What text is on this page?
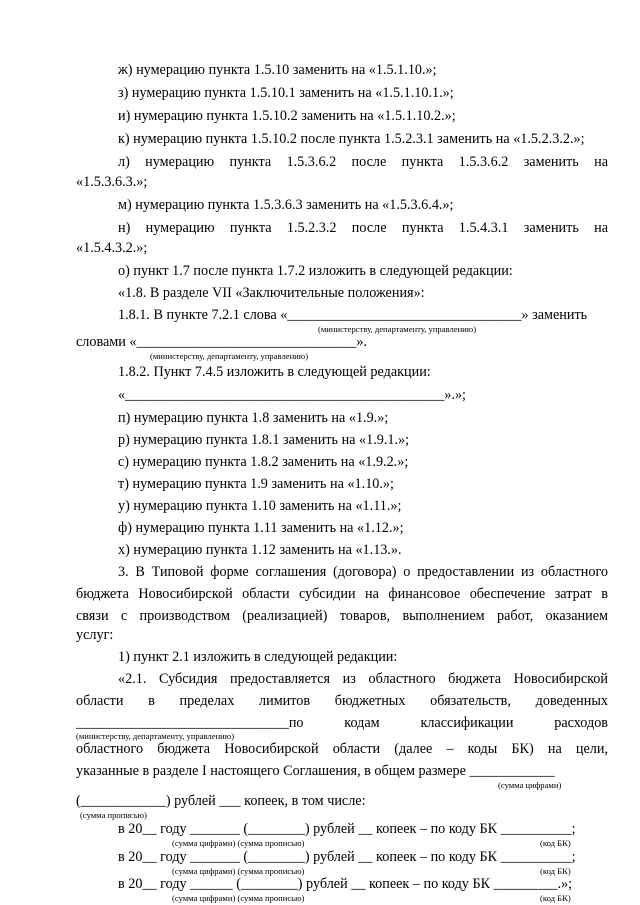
ж) нумерацию пункта 1.5.10 заменить на «1.5.1.10.»;
з) нумерацию пункта 1.5.10.1 заменить на «1.5.1.10.1.»;
и) нумерацию пункта 1.5.10.2 заменить на «1.5.1.10.2.»;
к) нумерацию пункта 1.5.10.2 после пункта 1.5.2.3.1 заменить на «1.5.2.3.2.»;
л) нумерацию пункта 1.5.3.6.2 после пункта 1.5.3.6.2 заменить на
«1.5.3.6.3.»;
м) нумерацию пункта 1.5.3.6.3 заменить на «1.5.3.6.4.»;
н) нумерацию пункта 1.5.2.3.2 после пункта 1.5.4.3.1 заменить на
«1.5.4.3.2.»;
о) пункт 1.7 после пункта 1.7.2 изложить в следующей редакции:
«1.8. В разделе VII «Заключительные положения»:
1.8.1. В пункте 7.2.1 слова «_________________________________» заменить
(министерству, департаменту, управлению)
словами «_______________________________».
(министерству, департаменту, управлению)
1.8.2. Пункт 7.4.5 изложить в следующей редакции:
«_____________________________________________».»;
п) нумерацию пункта 1.8 заменить на «1.9.»;
р) нумерацию пункта 1.8.1 заменить на «1.9.1.»;
с) нумерацию пункта 1.8.2 заменить на «1.9.2.»;
т) нумерацию пункта 1.9 заменить на «1.10.»;
у) нумерацию пункта 1.10 заменить на «1.11.»;
ф) нумерацию пункта 1.11 заменить на «1.12.»;
х) нумерацию пункта 1.12 заменить на «1.13.».
3. В Типовой форме соглашения (договора) о предоставлении из областного
бюджета Новосибирской области субсидии на финансовое обеспечение затрат в
связи с производством (реализацией) товаров, выполнением работ, оказанием
услуг:
1) пункт 2.1 изложить в следующей редакции:
«2.1. Субсидия предоставляется из областного бюджета Новосибирской
области в пределах лимитов бюджетных обязательств, доведенных
______________________________по кодам классификации расходов
(министерству, департаменту, управлению)
областного бюджета Новосибирской области (далее – коды БК) на цели,
указанные в разделе I настоящего Соглашения, в общем размере ____________
(сумма цифрами)
(____________) рублей ___ копеек, в том числе:
(сумма прописью)
в 20__ году _______ (________) рублей __ копеек – по коду БК __________;
(сумма цифрами) (сумма прописью)	(код БК)
в 20__ году _______ (________) рублей __ копеек – по коду БК __________;
(сумма цифрами) (сумма прописью)	(код БК)
в 20__ году ______ (________) рублей __ копеек – по коду БК _________.»;
(сумма цифрами) (сумма прописью)	(код БК)
